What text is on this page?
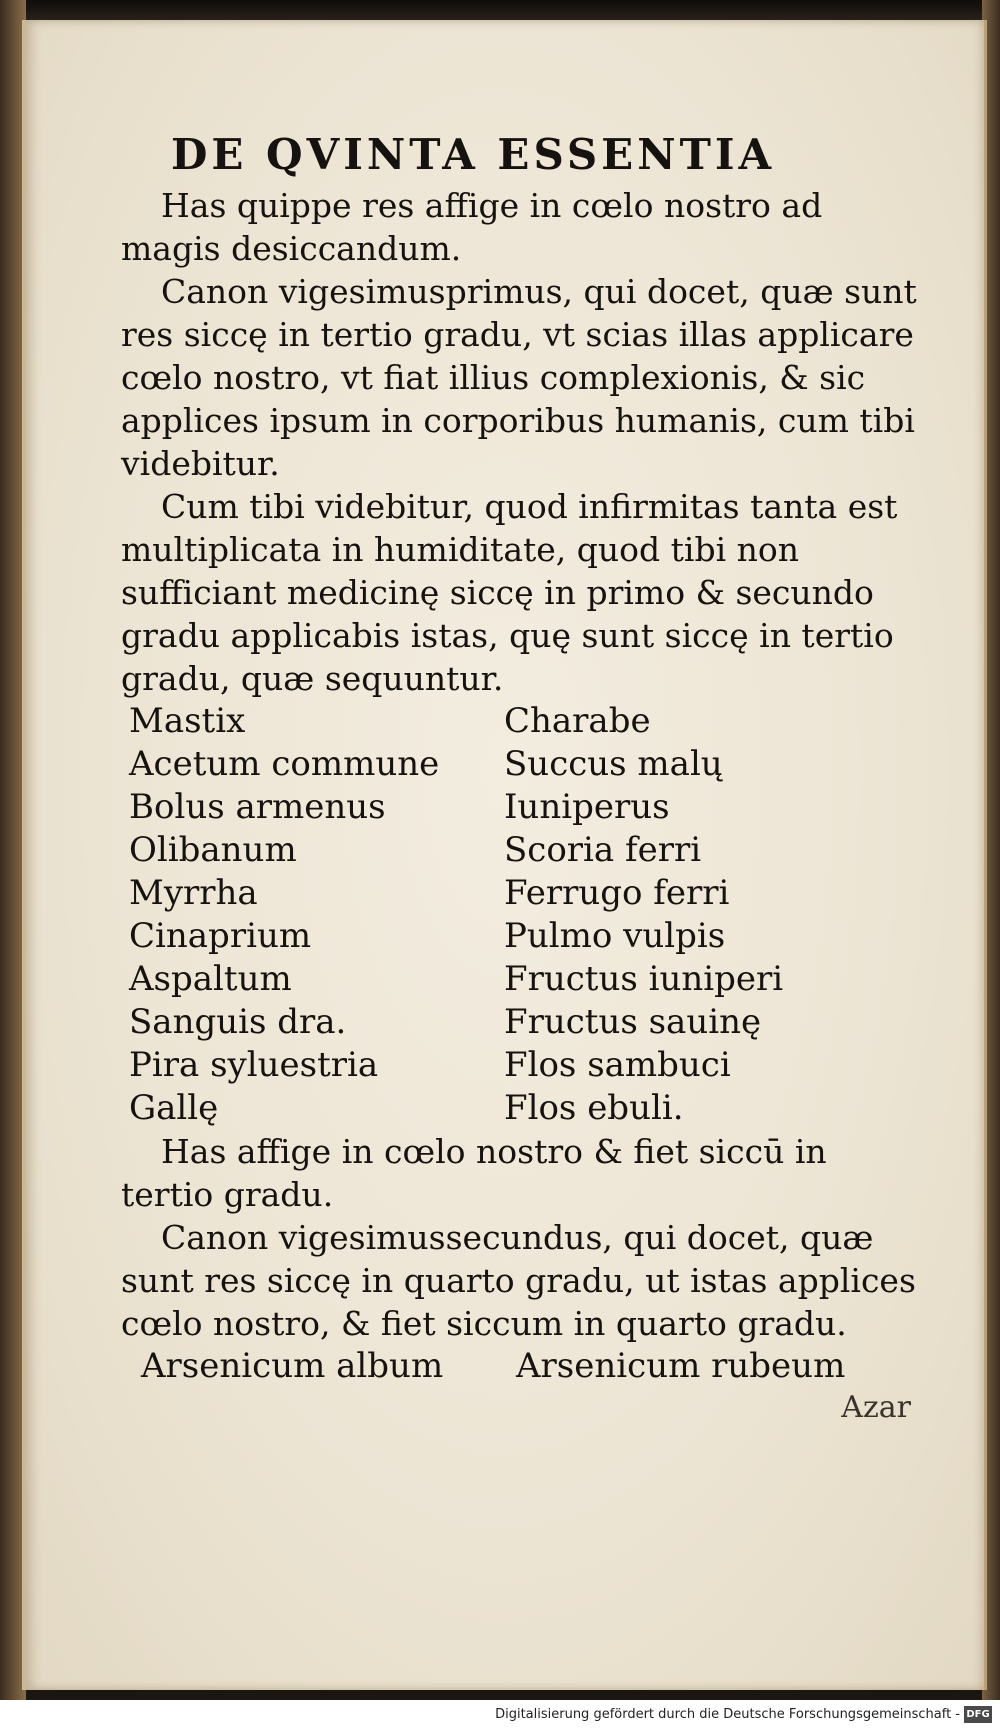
DE QVINTA ESSENTIA

Has quippe res affige in cœlo nostro ad magis desiccandum.

Canon vigesimusprimus, qui docet, quæ sunt res siccę in tertio gradu, vt scias illas applicare cœlo nostro, vt fiat illius complexionis, & sic applices ipsum in corporibus humanis, cum tibi videbitur.

Cum tibi videbitur, quod infirmitas tanta est multiplicata in humiditate, quod tibi non sufficiant medicinę siccę in primo & secundo gradu applicabis istas, quę sunt siccę in tertio gradu, quæ sequuntur.

Mastix	Charabe
Acetum commune	Succus malų
Bolus armenus	Iuniperus
Olibanum	Scoria ferri
Myrrha	Ferrugo ferri
Cinaprium	Pulmo vulpis
Aspaltum	Fructus iuniperi
Sanguis dra.	Fructus sauinę
Pira syluestria	Flos sambuci
Gallę	Flos ebuli.

Has affige in cœlo nostro & fiet siccū in tertio gradu.

Canon vigesimussecundus, qui docet, quæ sunt res siccę in quarto gradu, ut istas applices cœlo nostro, & fiet siccum in quarto gradu.

Arsenicum album	Arsenicum rubeum
Azar
Digitalisierung gefördert durch die Deutsche Forschungsgemeinschaft - DFG
